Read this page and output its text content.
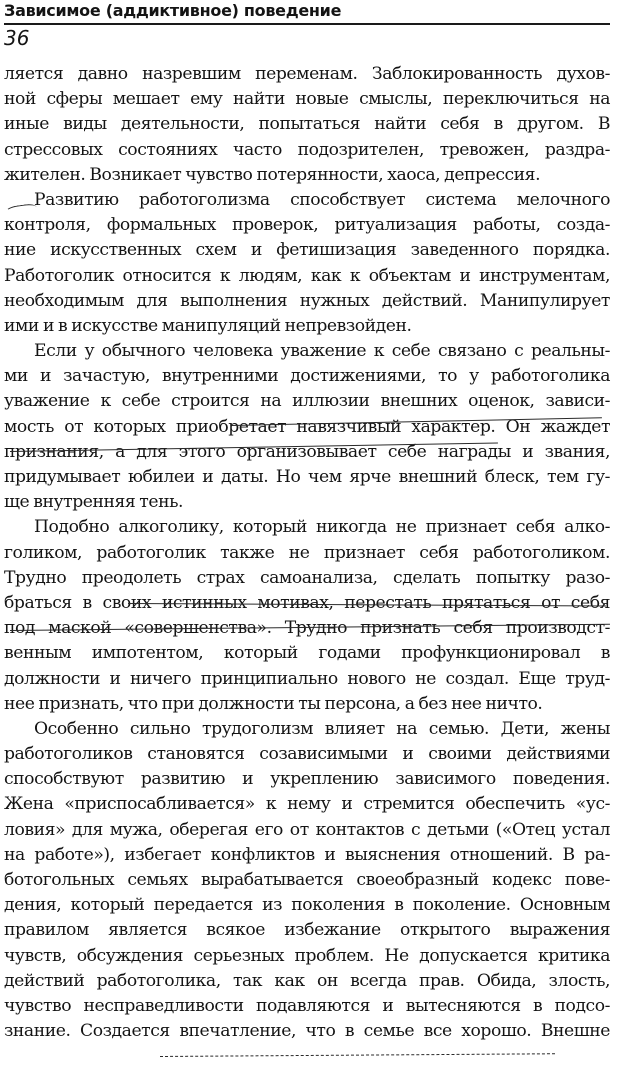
Зависимое (аддиктивное) поведение
36
ляется давно назревшим переменам. Заблокированность духов-
ной сферы мешает ему найти новые смыслы, переключиться на
иные виды деятельности, попытаться найти себя в другом. В
стрессовых состояниях часто подозрителен, тревожен, раздра-
жителен. Возникает чувство потерянности, хаоса, депрессия.
Развитию работоголизма способствует система мелочного
контроля, формальных проверок, ритуализация работы, созда-
ние искусственных схем и фетишизация заведенного порядка.
Работоголик относится к людям, как к объектам и инструментам,
необходимым для выполнения нужных действий. Манипулирует
ими и в искусстве манипуляций непревзойден.
Если у обычного человека уважение к себе связано с реальны-
ми и зачастую, внутренними достижениями, то у работоголика
уважение к себе строится на иллюзии внешних оценок, зависи-
мость от которых приобретает навязчивый характер. Он жаждет
признания, а для этого организовывает себе награды и звания,
придумывает юбилеи и даты. Но чем ярче внешний блеск, тем гу-
ще внутренняя тень.
Подобно алкоголику, который никогда не признает себя алко-
голиком, работоголик также не признает себя работоголиком.
Трудно преодолеть страх самоанализа, сделать попытку разо-
браться в своих истинных мотивах, перестать прятаться от себя
под маской «совершенства». Трудно признать себя производст-
венным импотентом, который годами профункционировал в
должности и ничего принципиально нового не создал. Еще труд-
нее признать, что при должности ты персона, а без нее ничто.
Особенно сильно трудоголизм влияет на семью. Дети, жены
работоголиков становятся созависимыми и своими действиями
способствуют развитию и укреплению зависимого поведения.
Жена «приспосабливается» к нему и стремится обеспечить «ус-
ловия» для мужа, оберегая его от контактов с детьми («Отец устал
на работе»), избегает конфликтов и выяснения отношений. В ра-
ботогольных семьях вырабатывается своеобразный кодекс пове-
дения, который передается из поколения в поколение. Основным
правилом является всякое избежание открытого выражения
чувств, обсуждения серьезных проблем. Не допускается критика
действий работоголика, так как он всегда прав. Обида, злость,
чувство несправедливости подавляются и вытесняются в подсо-
знание. Создается впечатление, что в семье все хорошо. Внешне
